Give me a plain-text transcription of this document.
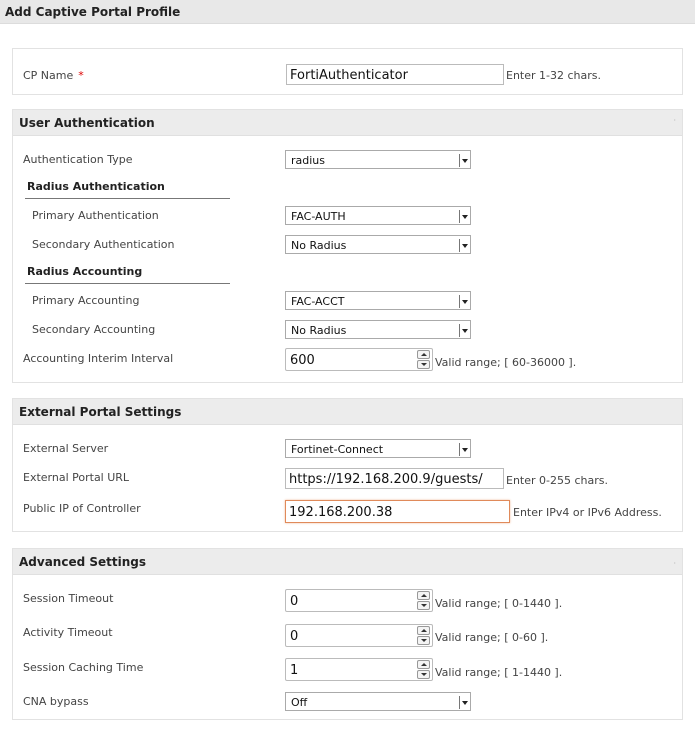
Add Captive Portal Profile
CP Name *	FortiAuthenticator	Enter 1-32 chars.
User Authentication	·
Authentication Type	radius
Radius Authentication
Primary Authentication	FAC-AUTH
Secondary Authentication	No Radius
Radius Accounting
Primary Accounting	FAC-ACCT
Secondary Accounting	No Radius
Accounting Interim Interval	600	Valid range; [ 60-36000 ].
External Portal Settings
External Server	Fortinet-Connect
External Portal URL	https://192.168.200.9/guests/ Enter 0-255 chars.
Public IP of Controller	192.168.200.38	Enter IPv4 or IPv6 Address.
Advanced Settings	·
Session Timeout	0	Valid range; [ 0-1440 ].
Activity Timeout	0	Valid range; [ 0-60 ].
Session Caching Time	1	Valid range; [ 1-1440 ].
CNA bypass	Off
